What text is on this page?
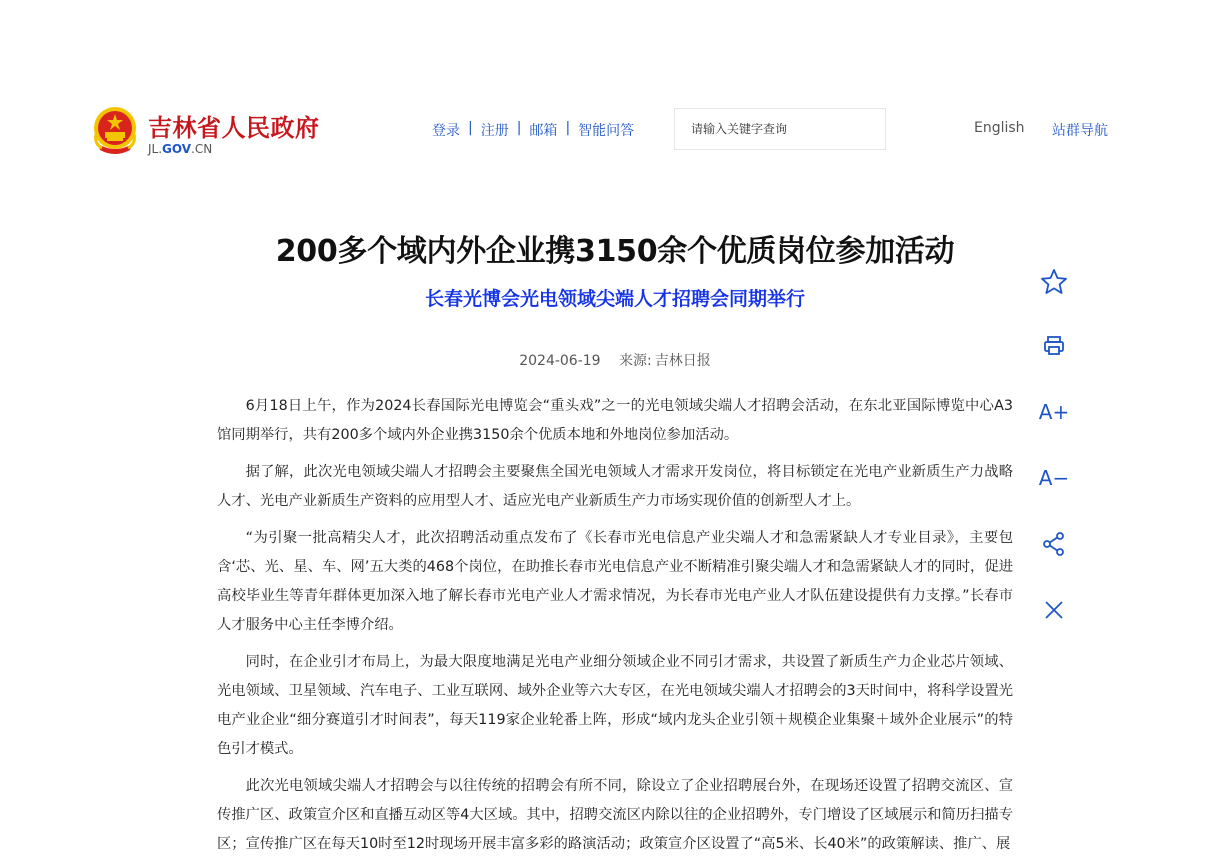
吉林省人民政府
JL.GOV.CN
登录 | 注册 | 邮箱 | 智能问答
请输入关键字查询	English 站群导航
200多个域内外企业携3150余个优质岗位参加活动
长春光博会光电领域尖端人才招聘会同期举行
2024-06-19 来源: 吉林日报

6月18日上午，作为2024长春国际光电博览会“重头戏”之一的光电领域尖端人才招聘会活动，在东北亚国际博览中心A3馆同期举行，共有200多个域内外企业携3150余个优质本地和外地岗位参加活动。

据了解，此次光电领域尖端人才招聘会主要聚焦全国光电领域人才需求开发岗位，将目标锁定在光电产业新质生产力战略人才、光电产业新质生产资料的应用型人才、适应光电产业新质生产力市场实现价值的创新型人才上。

“为引聚一批高精尖人才，此次招聘活动重点发布了《长春市光电信息产业尖端人才和急需紧缺人才专业目录》，主要包含‘芯、光、星、车、网’五大类的468个岗位，在助推长春市光电信息产业不断精准引聚尖端人才和急需紧缺人才的同时，促进高校毕业生等青年群体更加深入地了解长春市光电产业人才需求情况，为长春市光电产业人才队伍建设提供有力支撑。”长春市人才服务中心主任李博介绍。

同时，在企业引才布局上，为最大限度地满足光电产业细分领域企业不同引才需求，共设置了新质生产力企业芯片领域、光电领域、卫星领域、汽车电子、工业互联网、域外企业等六大专区，在光电领域尖端人才招聘会的3天时间中，将科学设置光电产业企业“细分赛道引才时间表”，每天119家企业轮番上阵，形成“域内龙头企业引领＋规模企业集聚＋域外企业展示”的特色引才模式。

此次光电领域尖端人才招聘会与以往传统的招聘会有所不同，除设立了企业招聘展台外，在现场还设置了招聘交流区、宣传推广区、政策宣介区和直播互动区等4大区域。其中，招聘交流区内除以往的企业招聘外，专门增设了区域展示和简历扫描专区；宣传推广区在每天10时至12时现场开展丰富多彩的路演活动；政策宣介区设置了“高5米、长40米”的政策解读、推广、展

A+
A−
